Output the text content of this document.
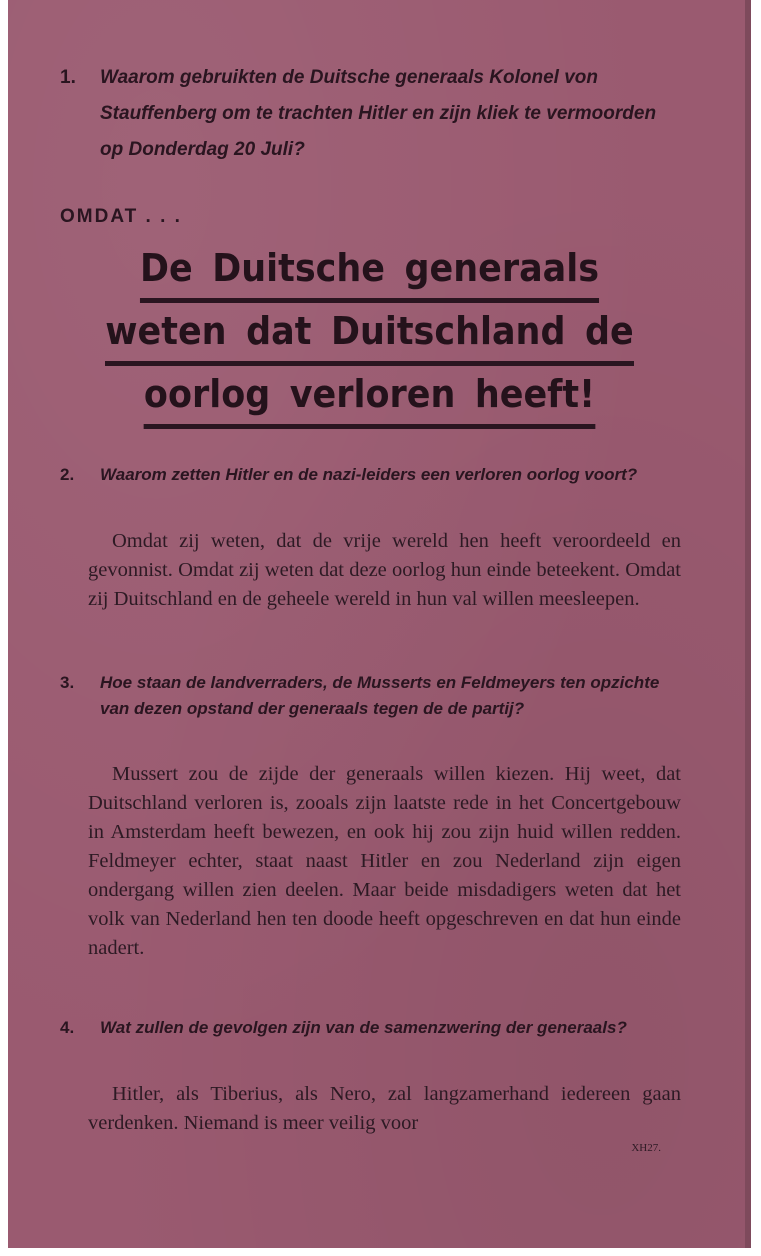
1.	Waarom gebruikten de Duitsche generaals Kolonel von Stauffenberg om te trachten Hitler en zijn kliek te vermoorden op Donderdag 20 Juli?
OMDAT . . .
De Duitsche generaals
weten dat Duitschland de
oorlog verloren heeft!
2.	Waarom zetten Hitler en de nazi-leiders een verloren oorlog voort?

Omdat zij weten, dat de vrije wereld hen heeft veroordeeld en gevonnist. Omdat zij weten dat deze oorlog hun einde beteekent. Omdat zij Duitschland en de geheele wereld in hun val willen meesleepen.

3.	Hoe staan de landverraders, de Musserts en Feldmeyers ten opzichte van dezen opstand der generaals tegen de de partij?

Mussert zou de zijde der generaals willen kiezen. Hij weet, dat Duitschland verloren is, zooals zijn laatste rede in het Concertgebouw in Amsterdam heeft bewezen, en ook hij zou zijn huid willen redden. Feldmeyer echter, staat naast Hitler en zou Nederland zijn eigen ondergang willen zien deelen. Maar beide misdadigers weten dat het volk van Nederland hen ten doode heeft opgeschreven en dat hun einde nadert.

4.	Wat zullen de gevolgen zijn van de samenzwering der generaals?

Hitler, als Tiberius, als Nero, zal langzamerhand iedereen gaan verdenken. Niemand is meer veilig voor

XH27.
